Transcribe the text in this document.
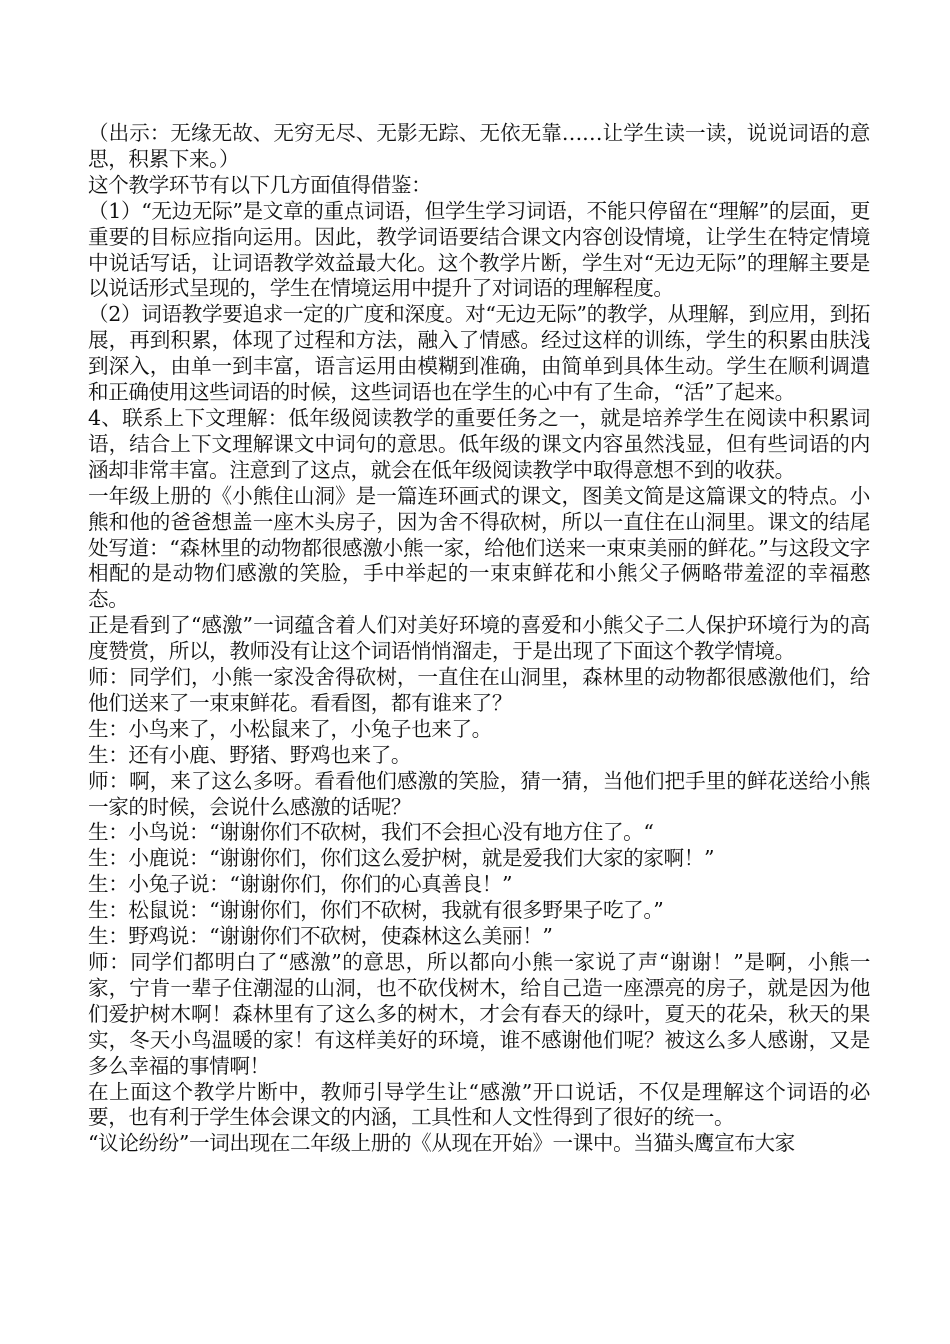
（出示：无缘无故、无穷无尽、无影无踪、无依无靠……让学生读一读，说说词语的意思，积累下来。）

这个教学环节有以下几方面值得借鉴：

（1）“无边无际”是文章的重点词语，但学生学习词语，不能只停留在“理解”的层面，更重要的目标应指向运用。因此，教学词语要结合课文内容创设情境，让学生在特定情境中说话写话，让词语教学效益最大化。这个教学片断，学生对“无边无际”的理解主要是以说话形式呈现的，学生在情境运用中提升了对词语的理解程度。

（2）词语教学要追求一定的广度和深度。对“无边无际”的教学，从理解，到应用，到拓展，再到积累，体现了过程和方法，融入了情感。经过这样的训练，学生的积累由肤浅到深入，由单一到丰富，语言运用由模糊到准确，由简单到具体生动。学生在顺利调遣和正确使用这些词语的时候，这些词语也在学生的心中有了生命，“活”了起来。

4、联系上下文理解：低年级阅读教学的重要任务之一，就是培养学生在阅读中积累词语，结合上下文理解课文中词句的意思。低年级的课文内容虽然浅显，但有些词语的内涵却非常丰富。注意到了这点，就会在低年级阅读教学中取得意想不到的收获。

一年级上册的《小熊住山洞》是一篇连环画式的课文，图美文简是这篇课文的特点。小熊和他的爸爸想盖一座木头房子，因为舍不得砍树，所以一直住在山洞里。课文的结尾处写道：“森林里的动物都很感激小熊一家，给他们送来一束束美丽的鲜花。”与这段文字相配的是动物们感激的笑脸，手中举起的一束束鲜花和小熊父子俩略带羞涩的幸福憨态。

正是看到了“感激”一词蕴含着人们对美好环境的喜爱和小熊父子二人保护环境行为的高度赞赏，所以，教师没有让这个词语悄悄溜走，于是出现了下面这个教学情境。

师：同学们，小熊一家没舍得砍树，一直住在山洞里，森林里的动物都很感激他们，给他们送来了一束束鲜花。看看图，都有谁来了？

生：小鸟来了，小松鼠来了，小兔子也来了。

生：还有小鹿、野猪、野鸡也来了。

师：啊，来了这么多呀。看看他们感激的笑脸，猜一猜，当他们把手里的鲜花送给小熊一家的时候，会说什么感激的话呢？

生：小鸟说：“谢谢你们不砍树，我们不会担心没有地方住了。“

生：小鹿说：“谢谢你们，你们这么爱护树，就是爱我们大家的家啊！”

生：小兔子说：“谢谢你们，你们的心真善良！”

生：松鼠说：“谢谢你们，你们不砍树，我就有很多野果子吃了。”

生：野鸡说：“谢谢你们不砍树，使森林这么美丽！”

师：同学们都明白了“感激”的意思，所以都向小熊一家说了声“谢谢！”是啊，小熊一家，宁肯一辈子住潮湿的山洞，也不砍伐树木，给自己造一座漂亮的房子，就是因为他们爱护树木啊！森林里有了这么多的树木，才会有春天的绿叶，夏天的花朵，秋天的果实，冬天小鸟温暖的家！有这样美好的环境，谁不感谢他们呢？被这么多人感谢，又是多么幸福的事情啊！

在上面这个教学片断中，教师引导学生让“感激”开口说话，不仅是理解这个词语的必要，也有利于学生体会课文的内涵，工具性和人文性得到了很好的统一。

“议论纷纷”一词出现在二年级上册的《从现在开始》一课中。当猫头鹰宣布大家
